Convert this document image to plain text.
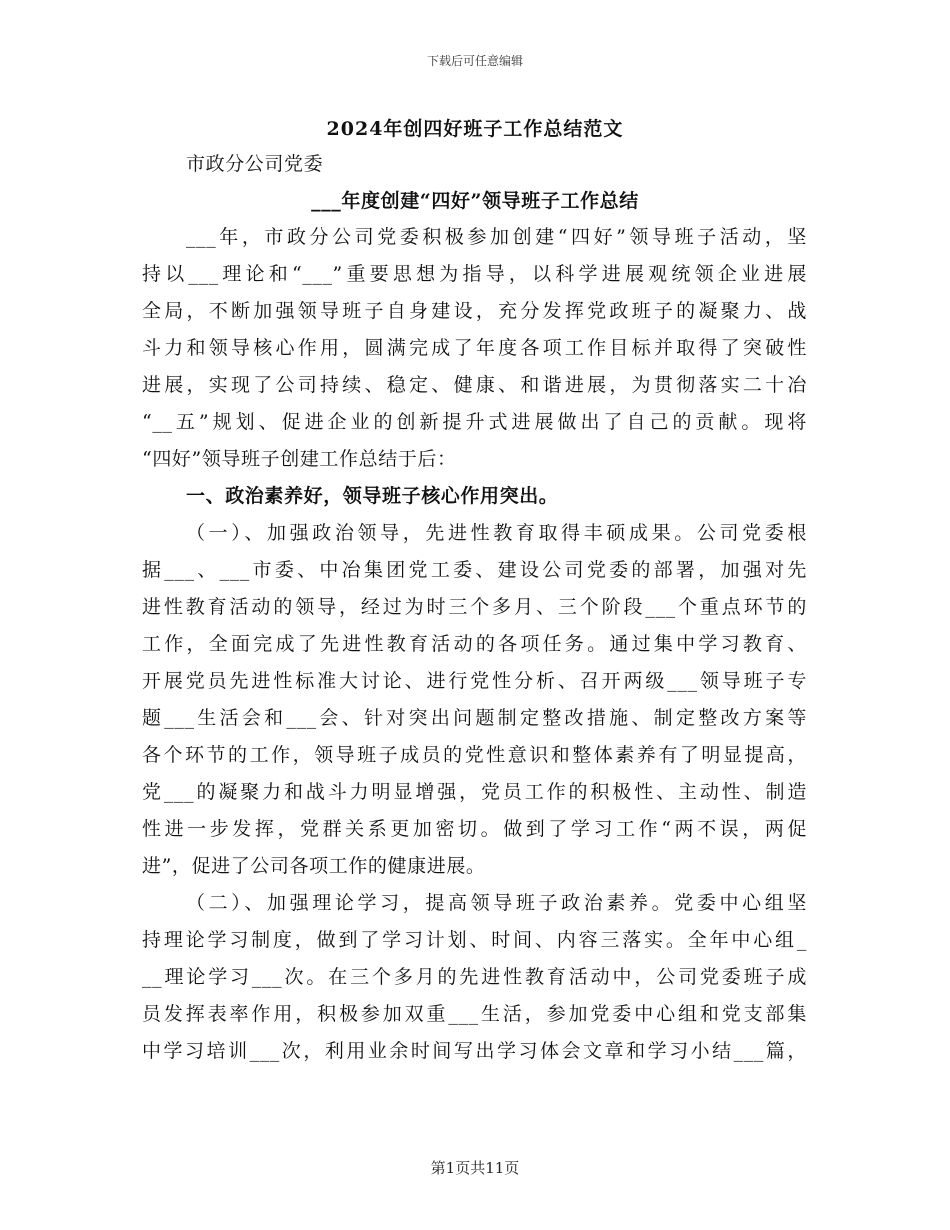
下载后可任意编辑
2024年创四好班子工作总结范文
市政分公司党委
___年度创建“四好”领导班子工作总结
___年，市政分公司党委积极参加创建“四好”领导班子活动，坚
持以___理论和“___”重要思想为指导，以科学进展观统领企业进展
全局，不断加强领导班子自身建设，充分发挥党政班子的凝聚力、战
斗力和领导核心作用，圆满完成了年度各项工作目标并取得了突破性
进展，实现了公司持续、稳定、健康、和谐进展，为贯彻落实二十冶
“__五”规划、促进企业的创新提升式进展做出了自己的贡献。现将
“四好”领导班子创建工作总结于后：
一、政治素养好，领导班子核心作用突出。
（一）、加强政治领导，先进性教育取得丰硕成果。公司党委根
据___、___市委、中冶集团党工委、建设公司党委的部署，加强对先
进性教育活动的领导，经过为时三个多月、三个阶段___个重点环节的
工作，全面完成了先进性教育活动的各项任务。通过集中学习教育、
开展党员先进性标准大讨论、进行党性分析、召开两级___领导班子专
题___生活会和___会、针对突出问题制定整改措施、制定整改方案等
各个环节的工作，领导班子成员的党性意识和整体素养有了明显提高，
党___的凝聚力和战斗力明显增强，党员工作的积极性、主动性、制造
性进一步发挥，党群关系更加密切。做到了学习工作“两不误，两促
进”，促进了公司各项工作的健康进展。
（二）、加强理论学习，提高领导班子政治素养。党委中心组坚
持理论学习制度，做到了学习计划、时间、内容三落实。全年中心组_
__理论学习___次。在三个多月的先进性教育活动中，公司党委班子成
员发挥表率作用，积极参加双重___生活，参加党委中心组和党支部集
中学习培训___次，利用业余时间写出学习体会文章和学习小结___篇，
第1页共11页
